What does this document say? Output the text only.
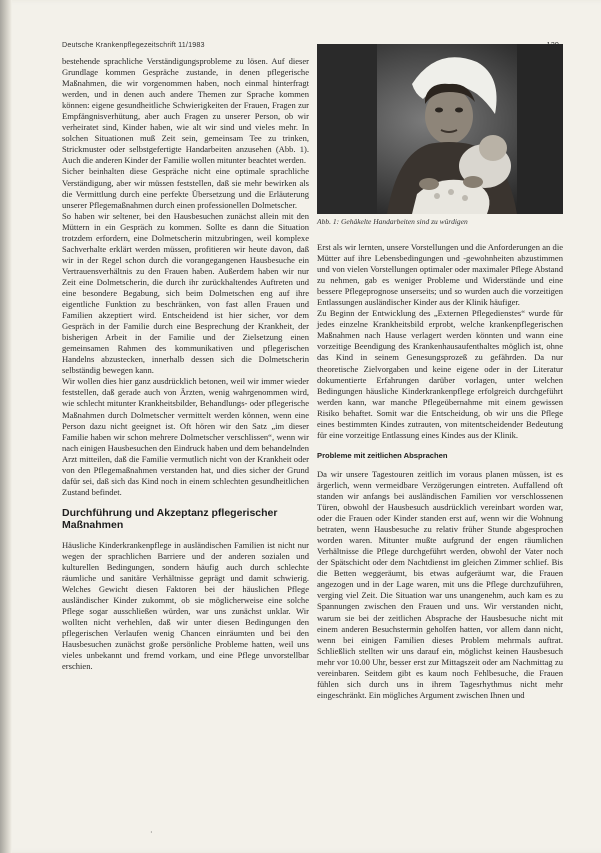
Deutsche Krankenpflegezeitschrift 11/1983

bestehende sprachliche Verständigungsprobleme zu lösen. Auf dieser Grundlage kommen Gespräche zustande, in denen pflegerische Maßnahmen, die wir vorgenommen haben, noch einmal hinterfragt werden, und in denen auch andere Themen zur Sprache kommen können: eigene gesundheitliche Schwierigkeiten der Frauen, Fragen zur Empfängnisverhütung, aber auch Fragen zu unserer Person, ob wir verheiratet sind, Kinder haben, wie alt wir sind und vieles mehr. In solchen Situationen muß Zeit sein, gemeinsam Tee zu trinken, Strickmuster oder selbstgefertigte Handarbeiten anzusehen (Abb. 1). Auch die anderen Kinder der Familie wollen mitunter beachtet werden.

Sicher beinhalten diese Gespräche nicht eine optimale sprachliche Verständigung, aber wir müssen feststellen, daß sie mehr bewirken als die Vermittlung durch eine perfekte Übersetzung und die Erläuterung unserer Pflegemaßnahmen durch einen professionellen Dolmetscher.

So haben wir seltener, bei den Hausbesuchen zunächst allein mit den Müttern in ein Gespräch zu kommen. Sollte es dann die Situation trotzdem erfordern, eine Dolmetscherin mitzubringen, weil komplexe Sachverhalte erklärt werden müssen, profitieren wir heute davon, daß wir in der Regel schon durch die vorangegangenen Hausbesuche ein Vertrauensverhältnis zu den Frauen haben. Außerdem haben wir nur Zeit eine Dolmetscherin, die durch ihr zurückhaltendes Auftreten und eine besondere Begabung, sich beim Dolmetschen eng auf ihre eigentliche Funktion zu beschränken, von fast allen Frauen und Familien akzeptiert wird. Entscheidend ist hier sicher, vor dem Gespräch in der Familie durch eine Besprechung der Krankheit, der bisherigen Arbeit in der Familie und der Zielsetzung einen gemeinsamen Rahmen des kommunikativen und pflegerischen Handelns abzustecken, innerhalb dessen sich die Dolmetscherin selbständig bewegen kann.

Wir wollen dies hier ganz ausdrücklich betonen, weil wir immer wieder feststellen, daß gerade auch von Ärzten, wenig wahrgenommen wird, wie schlecht mitunter Krankheitsbilder, Behandlungs- oder pflegerische Maßnahmen durch Dolmetscher vermittelt werden können, wenn eine Person dazu nicht geeignet ist. Oft hören wir den Satz „im dieser Familie haben wir schon mehrere Dolmetscher verschlissen“, wenn wir nach einigen Hausbesuchen den Eindruck haben und dem behandelnden Arzt mitteilen, daß die Familie vermutlich nicht von der Krankheit oder von den Pflegemaßnahmen verstanden hat, und dies sicher der Grund dafür sei, daß sich das Kind noch in einem schlechten gesundheitlichen Zustand befindet.

Durchführung und Akzeptanz pflegerischer Maßnahmen

Häusliche Kinderkrankenpflege in ausländischen Familien ist nicht nur wegen der sprachlichen Barriere und der anderen sozialen und kulturellen Bedingungen, sondern häufig auch durch schlechte räumliche und sanitäre Verhältnisse geprägt und damit schwierig. Welches Gewicht diesen Faktoren bei der häuslichen Pflege ausländischer Kinder zukommt, ob sie möglicherweise eine solche Pflege sogar ausschließen würden, war uns zunächst unklar. Wir wollten nicht verhehlen, daß wir unter diesen Bedingungen den pflegerischen Verlaufen wenig Chancen einräumten und bei den Hausbesuchen zunächst große persönliche Probleme hatten, weil uns vieles unbekannt und fremd vorkam, und eine Pflege unvorstellbar erschien.

Abb. 1: Gehäkelte Handarbeiten sind zu würdigen

Erst als wir lernten, unsere Vorstellungen und die Anforderungen an die Mütter auf ihre Lebensbedingungen und -gewohnheiten abzustimmen und von vielen Vorstellungen optimaler oder maximaler Pflege Abstand zu nehmen, gab es weniger Probleme und Widerstände und eine bessere Pflegeprognose unserseits; und so wurden auch die vorzeitigen Entlassungen ausländischer Kinder aus der Klinik häufiger.

Zu Beginn der Entwicklung des „Externen Pflegedienstes“ wurde für jedes einzelne Krankheitsbild erprobt, welche krankenpflegerischen Maßnahmen nach Hause verlagert werden könnten und wann eine vorzeitige Beendigung des Krankenhausaufenthaltes möglich ist, ohne das Kind in seinem Genesungsprozeß zu gefährden. Da nur theoretische Zielvorgaben und keine eigene oder in der Literatur dokumentierte Erfahrungen darüber vorlagen, unter welchen Bedingungen häusliche Kinderkrankenpflege erfolgreich durchgeführt werden kann, war manche Pflegeübernahme mit einem gewissen Risiko behaftet. Somit war die Entscheidung, ob wir uns die Pflege eines bestimmten Kindes zutrauten, von mitentscheidender Bedeutung für eine vorzeitige Entlassung eines Kindes aus der Klinik.

Probleme mit zeitlichen Absprachen

Da wir unsere Tagestouren zeitlich im voraus planen müssen, ist es ärgerlich, wenn vermeidbare Verzögerungen eintreten. Auffallend oft standen wir anfangs bei ausländischen Familien vor verschlossenen Türen, obwohl der Hausbesuch ausdrücklich vereinbart worden war, oder die Frauen oder Kinder standen erst auf, wenn wir die Wohnung betraten, wenn Hausbesuche zu relativ früher Stunde abgesprochen worden waren. Mitunter mußte aufgrund der engen räumlichen Verhältnisse die Pflege durchgeführt werden, obwohl der Vater noch der Spätschicht oder dem Nachtdienst im gleichen Zimmer schlief. Bis die Betten weggeräumt, bis etwas aufgeräumt war, die Frauen angezogen und in der Lage waren, mit uns die Pflege durchzuführen, verging viel Zeit. Die Situation war uns unangenehm, auch kam es zu Spannungen zwischen den Frauen und uns. Wir verstanden nicht, warum sie bei der zeitlichen Absprache der Hausbesuche nicht mit einem anderen Besuchstermin geholfen hatten, vor allem dann nicht, wenn bei einigen Familien dieses Problem mehrmals auftrat. Schließlich stellten wir uns darauf ein, möglichst keinen Hausbesuch mehr vor 10.00 Uhr, besser erst zur Mittagszeit oder am Nachmittag zu vereinbaren. Seitdem gibt es kaum noch Fehlbesuche, die Frauen fühlen sich durch uns in ihrem Tagesrhythmus nicht mehr eingeschränkt. Ein mögliches Argument zwischen Ihnen und

·
